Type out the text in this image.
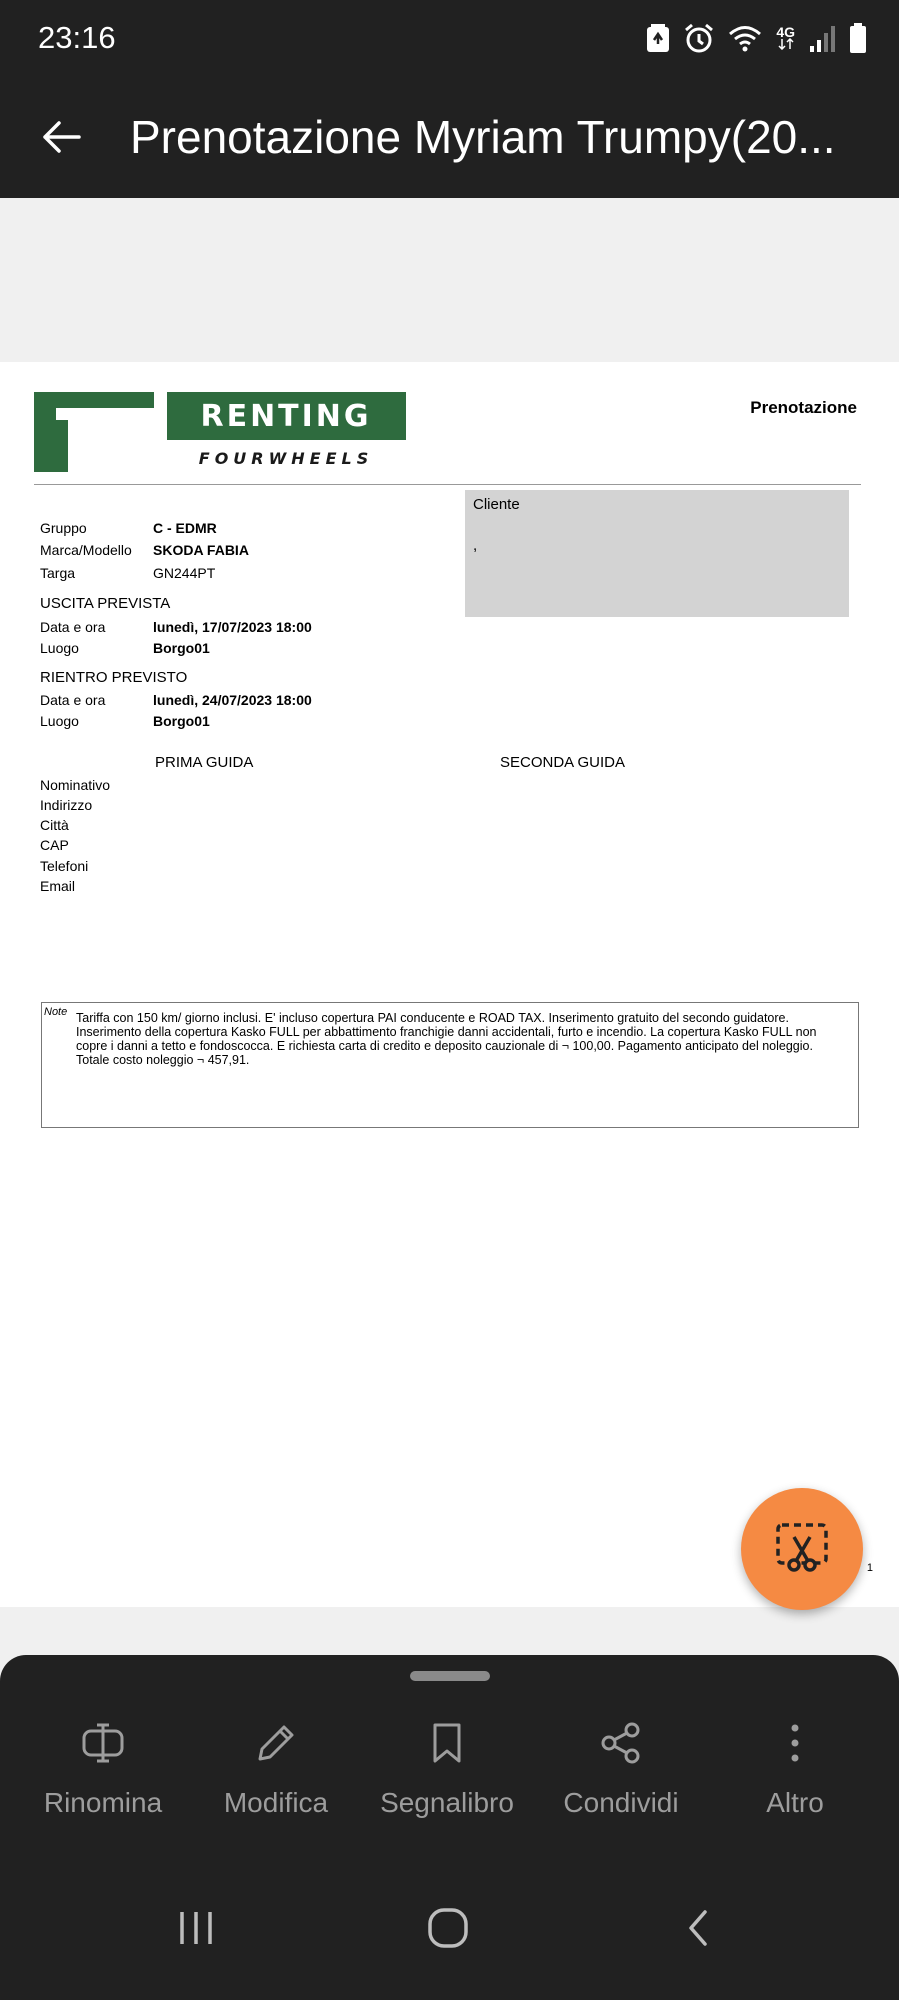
23:16	4G
Prenotazione Myriam Trumpy(20...
RENTING
FOURWHEELS
Prenotazione
Cliente
,
Gruppo	C - EDMR
Marca/Modello SKODA FABIA
Targa	GN244PT
USCITA PREVISTA
Data e ora	lunedì, 17/07/2023 18:00
Luogo	Borgo01
RIENTRO PREVISTO
Data e ora	lunedì, 24/07/2023 18:00
Luogo	Borgo01
PRIMA GUIDA	SECONDA GUIDA
Nominativo
Indirizzo
Città
CAP
Telefoni
Email
Note Tariffa con 150 km/ giorno inclusi. E' incluso copertura PAI conducente e ROAD TAX. Inserimento gratuito del secondo guidatore. Inserimento della copertura Kasko FULL per abbattimento franchigie danni accidentali, furto e incendio. La copertura Kasko FULL non copre i danni a tetto e fondoscocca. E richiesta carta di credito e deposito cauzionale di ¬ 100,00. Pagamento anticipato del noleggio. Totale costo noleggio ¬ 457,91.
1
Rinomina	Modifica	Segnalibro	Condividi	Altro
